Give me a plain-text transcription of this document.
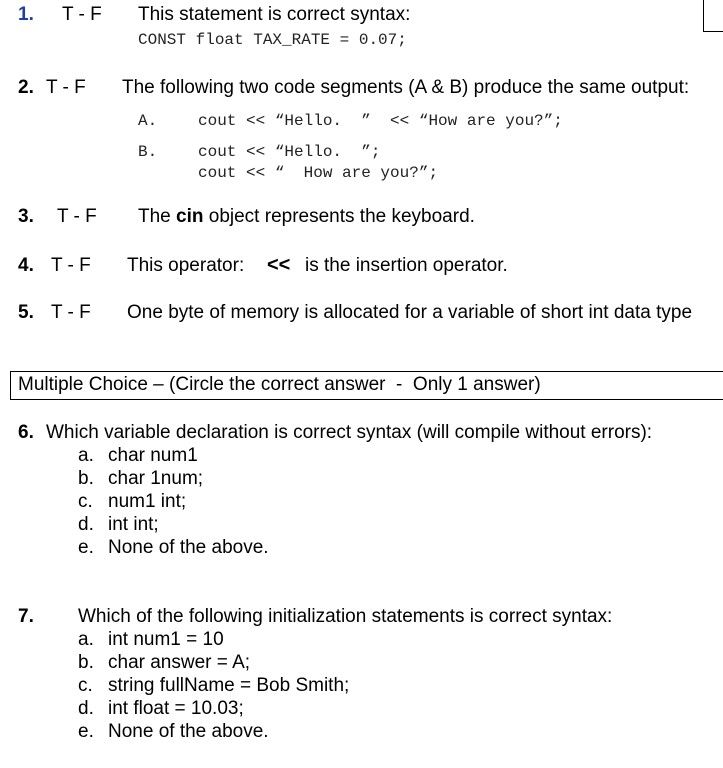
1. T - F This statement is correct syntax:
CONST float TAX_RATE = 0.07;
2. T - F The following two code segments (A & B) produce the same output:
A.	cout << “Hello.  ”  << “How are you?”;
B.	cout << “Hello.  ”;
cout << “  How are you?”;
3. T - F The cin object represents the keyboard.
4. T - F This operator: << is the insertion operator.
5. T - F One byte of memory is allocated for a variable of short int data type
Multiple Choice – (Circle the correct answer  -  Only 1 answer)
6. Which variable declaration is correct syntax (will compile without errors):
a. char num1
b. char 1num;
c. num1 int;
d. int int;
e. None of the above.
7. Which of the following initialization statements is correct syntax:
a. int num1 = 10
b. char answer = A;
c. string fullName = Bob Smith;
d. int float = 10.03;
e. None of the above.
